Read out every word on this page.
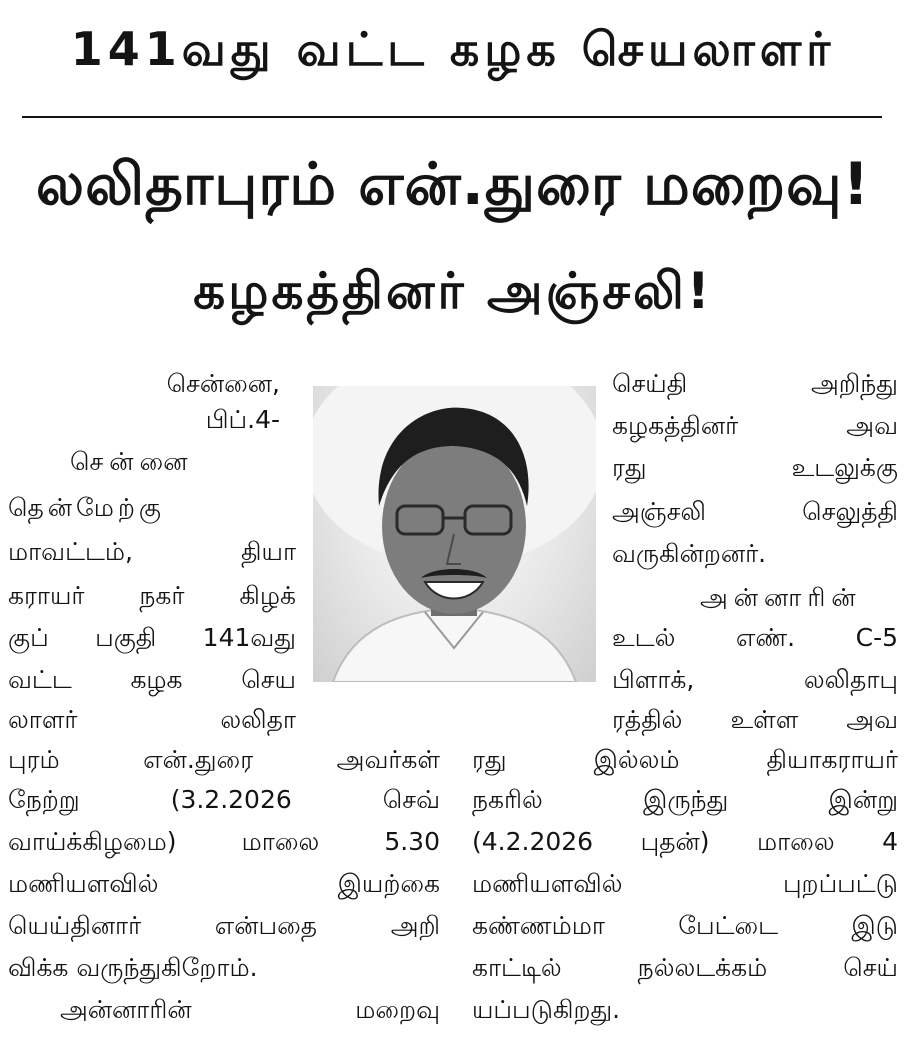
141வது வட்ட கழக செயலாளர்
லலிதாபுரம் என்.துரை மறைவு!
கழகத்தினர் அஞ்சலி!
சென்னை,
பிப்.4-
சென்னை
தென்மேற்கு
மாவட்டம், தியா
கராயர் நகர் கிழக்
குப் பகுதி 141வது
வட்ட கழக செய
லாளர் லலிதா
புரம் என்.துரை அவர்கள்
நேற்று (3.2.2026 செவ்
வாய்க்கிழமை) மாலை 5.30
மணியளவில் இயற்கை
யெய்தினார் என்பதை அறி
விக்க வருந்துகிறோம்.
அன்னாரின் மறைவு
செய்தி அறிந்து
கழகத்தினர் அவ
ரது உடலுக்கு
அஞ்சலி செலுத்தி
வருகின்றனர்.
அன்னாரின்
உடல் எண். C-5
பிளாக், லலிதாபு
ரத்தில் உள்ள அவ
ரது இல்லம் தியாகராயர்
நகரில் இருந்து இன்று
(4.2.2026 புதன்) மாலை 4
மணியளவில் புறப்பட்டு
கண்ணம்மா பேட்டை இடு
காட்டில் நல்லடக்கம் செய்
யப்படுகிறது.
